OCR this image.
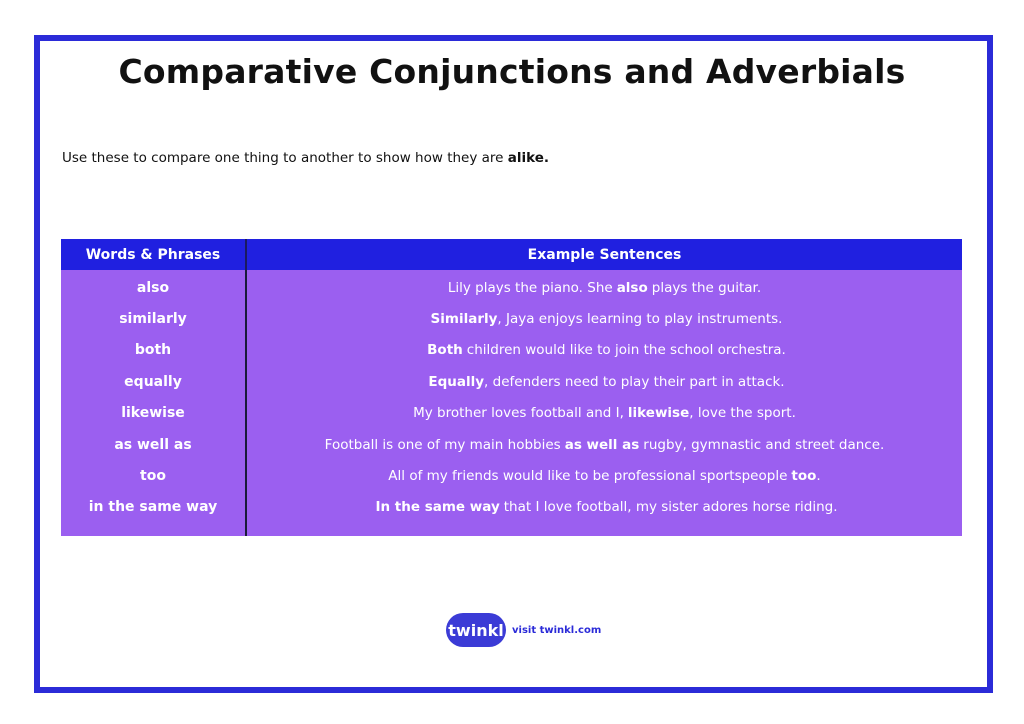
Comparative Conjunctions and Adverbials
Use these to compare one thing to another to show how they are alike.
Words & Phrases	Example Sentences
also
similarly
both
equally
likewise
as well as
too
in the same way
Lily plays the piano. She also plays the guitar.
Similarly , Jaya enjoys learning to play instruments.
Both children would like to join the school orchestra.
Equally , defenders need to play their part in attack.
My brother loves football and I, likewise , love the sport.
Football is one of my main hobbies as well as rugby, gymnastic and street dance.
All of my friends would like to be professional sportspeople too .
In the same way that I love football, my sister adores horse riding.
twinkl visit twinkl.com
